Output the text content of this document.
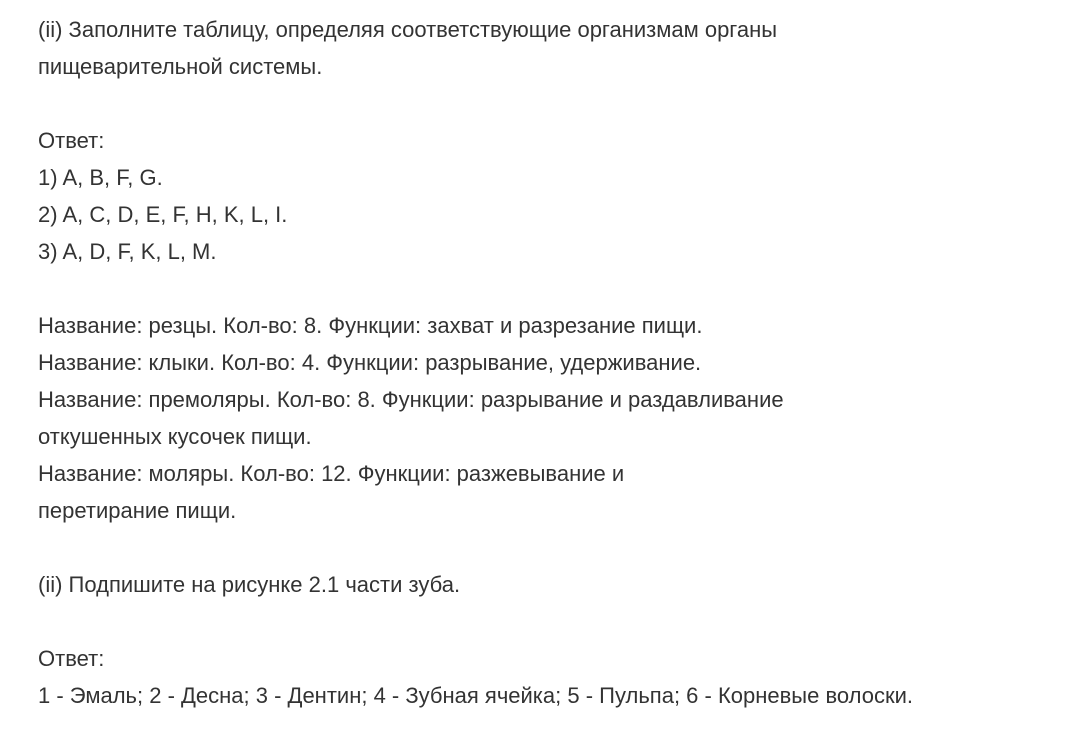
(ii) Заполните таблицу, определяя соответствующие организмам органы
пищеварительной системы.
Ответ:
1) A, B, F, G.
2) A, C, D, E, F, H, K, L, I.
3) A, D, F, K, L, M.
Название: резцы. Кол-во: 8. Функции: захват и разрезание пищи.
Название: клыки. Кол-во: 4. Функции: разрывание, удерживание.
Название: премоляры. Кол-во: 8. Функции: разрывание и раздавливание
откушенных кусочек пищи.
Название: моляры. Кол-во: 12. Функции: разжевывание и
перетирание пищи.
(ii) Подпишите на рисунке 2.1 части зуба.
Ответ:
1 - Эмаль; 2 - Десна; 3 - Дентин; 4 - Зубная ячейка; 5 - Пульпа; 6 - Корневые волоски.
